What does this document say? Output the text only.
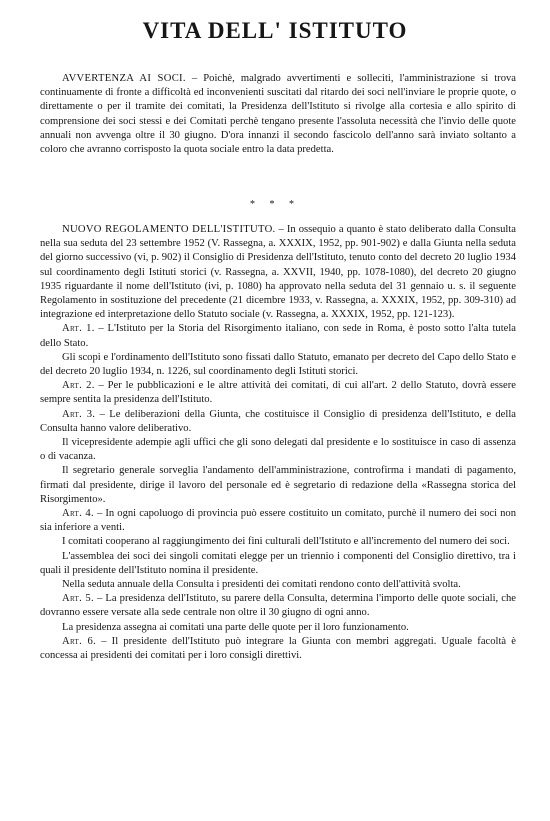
VITA DELL' ISTITUTO

AVVERTENZA AI SOCI. – Poichè, malgrado avvertimenti e solleciti, l'amministrazione si trova continuamente di fronte a difficoltà ed inconvenienti suscitati dal ritardo dei soci nell'inviare le proprie quote, o direttamente o per il tramite dei comitati, la Presidenza dell'Istituto si rivolge alla cortesia e allo spirito di comprensione dei soci stessi e dei Comitati perchè tengano presente l'assoluta necessità che l'invio delle quote annuali non avvenga oltre il 30 giugno. D'ora innanzi il secondo fascicolo dell'anno sarà inviato soltanto a coloro che avranno corrisposto la quota sociale entro la data predetta.

* * *

NUOVO REGOLAMENTO DELL'ISTITUTO. – In ossequio a quanto è stato deliberato dalla Consulta nella sua seduta del 23 settembre 1952 (V. Rassegna, a. XXXIX, 1952, pp. 901-902) e dalla Giunta nella seduta del giorno successivo (vi, p. 902) il Consiglio di Presidenza dell'Istituto, tenuto conto del decreto 20 luglio 1934 sul coordinamento degli Istituti storici (v. Rassegna, a. XXVII, 1940, pp. 1078-1080), del decreto 20 giugno 1935 riguardante il nome dell'Istituto (ivi, p. 1080) ha approvato nella seduta del 31 gennaio u. s. il seguente Regolamento in sostituzione del precedente (21 dicembre 1933, v. Rassegna, a. XXXIX, 1952, pp. 309-310) ad integrazione ed interpretazione dello Statuto sociale (v. Rassegna, a. XXXIX, 1952, pp. 121-123).

Art. 1. – L'Istituto per la Storia del Risorgimento italiano, con sede in Roma, è posto sotto l'alta tutela dello Stato.

Gli scopi e l'ordinamento dell'Istituto sono fissati dallo Statuto, emanato per decreto del Capo dello Stato e del decreto 20 luglio 1934, n. 1226, sul coordinamento degli Istituti storici.

Art. 2. – Per le pubblicazioni e le altre attività dei comitati, di cui all'art. 2 dello Statuto, dovrà essere sempre sentita la presidenza dell'Istituto.

Art. 3. – Le deliberazioni della Giunta, che costituisce il Consiglio di presidenza dell'Istituto, e della Consulta hanno valore deliberativo.

Il vicepresidente adempie agli uffici che gli sono delegati dal presidente e lo sostituisce in caso di assenza o di vacanza.

Il segretario generale sorveglia l'andamento dell'amministrazione, controfirma i mandati di pagamento, firmati dal presidente, dirige il lavoro del personale ed è segretario di redazione della «Rassegna storica del Risorgimento».

Art. 4. – In ogni capoluogo di provincia può essere costituito un comitato, purchè il numero dei soci non sia inferiore a venti.

I comitati cooperano al raggiungimento dei fini culturali dell'Istituto e all'incremento del numero dei soci.

L'assemblea dei soci dei singoli comitati elegge per un triennio i componenti del Consiglio direttivo, tra i quali il presidente dell'Istituto nomina il presidente.

Nella seduta annuale della Consulta i presidenti dei comitati rendono conto dell'attività svolta.

Art. 5. – La presidenza dell'Istituto, su parere della Consulta, determina l'importo delle quote sociali, che dovranno essere versate alla sede centrale non oltre il 30 giugno di ogni anno.

La presidenza assegna ai comitati una parte delle quote per il loro funzionamento.

Art. 6. – Il presidente dell'Istituto può integrare la Giunta con membri aggregati. Uguale facoltà è concessa ai presidenti dei comitati per i loro consigli direttivi.
